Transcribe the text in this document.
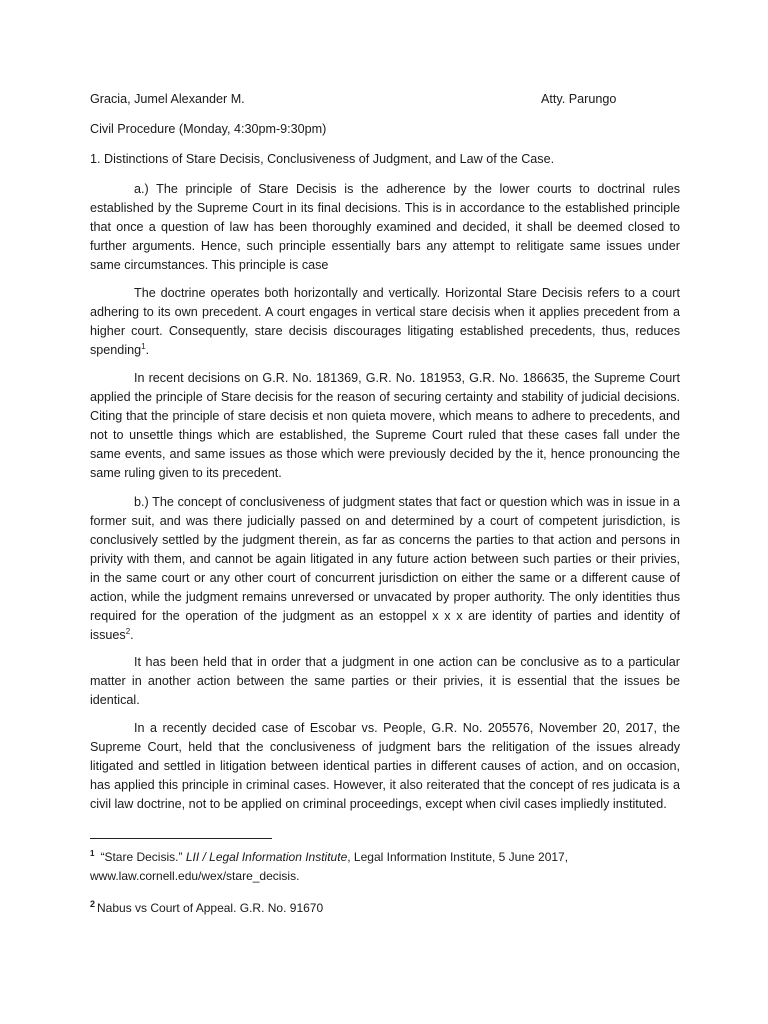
Gracia, Jumel Alexander M.	Atty. Parungo
Civil Procedure (Monday, 4:30pm-9:30pm)
1. Distinctions of Stare Decisis, Conclusiveness of Judgment, and Law of the Case.

a.) The principle of Stare Decisis is the adherence by the lower courts to doctrinal rules established by the Supreme Court in its final decisions. This is in accordance to the established principle that once a question of law has been thoroughly examined and decided, it shall be deemed closed to further arguments. Hence, such principle essentially bars any attempt to relitigate same issues under same circumstances. This principle is case

The doctrine operates both horizontally and vertically. Horizontal Stare Decisis refers to a court adhering to its own precedent. A court engages in vertical stare decisis when it applies precedent from a higher court. Consequently, stare decisis discourages litigating established precedents, thus, reduces spending$^1$.

In recent decisions on G.R. No. 181369, G.R. No. 181953, G.R. No. 186635, the Supreme Court applied the principle of Stare decisis for the reason of securing certainty and stability of judicial decisions. Citing that the principle of stare decisis et non quieta movere, which means to adhere to precedents, and not to unsettle things which are established, the Supreme Court ruled that these cases fall under the same events, and same issues as those which were previously decided by the it, hence pronouncing the same ruling given to its precedent.

b.) The concept of conclusiveness of judgment states that fact or question which was in issue in a former suit, and was there judicially passed on and determined by a court of competent jurisdiction, is conclusively settled by the judgment therein, as far as concerns the parties to that action and persons in privity with them, and cannot be again litigated in any future action between such parties or their privies, in the same court or any other court of concurrent jurisdiction on either the same or a different cause of action, while the judgment remains unreversed or unvacated by proper authority. The only identities thus required for the operation of the judgment as an estoppel x x x are identity of parties and identity of issues$^2$.

It has been held that in order that a judgment in one action can be conclusive as to a particular matter in another action between the same parties or their privies, it is essential that the issues be identical.

In a recently decided case of Escobar vs. People, G.R. No. 205576, November 20, 2017, the Supreme Court, held that the conclusiveness of judgment bars the relitigation of the issues already litigated and settled in litigation between identical parties in different causes of action, and on occasion, has applied this principle in criminal cases. However, it also reiterated that the concept of res judicata is a civil law doctrine, not to be applied on criminal proceedings, except when civil cases impliedly instituted.

$^1$ “Stare Decisis.” LII / Legal Information Institute, Legal Information Institute, 5 June 2017,
www.law.cornell.edu/wex/stare_decisis.

$^2$ Nabus vs Court of Appeal. G.R. No. 91670
